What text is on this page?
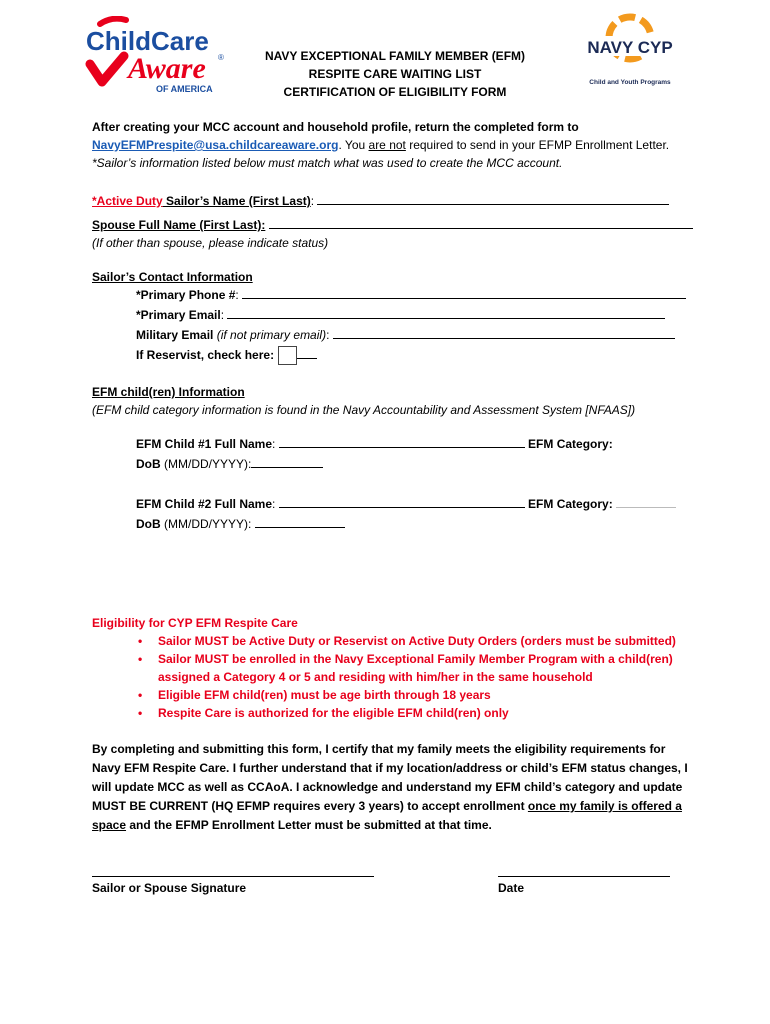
ChildCare
Aware ®
OF AMERICA
NAVY EXCEPTIONAL FAMILY MEMBER (EFM)
RESPITE CARE WAITING LIST
CERTIFICATION OF ELIGIBILITY FORM
NAVY CYP
Child and Youth Programs
After creating your MCC account and household profile, return the completed form to
NavyEFMPrespite@usa.childcareaware.org. You are not required to send in your EFMP Enrollment Letter.
*Sailor’s information listed below must match what was used to create the MCC account.
*Active Duty Sailor’s Name (First Last):
Spouse Full Name (First Last):
(If other than spouse, please indicate status)
Sailor’s Contact Information
*Primary Phone #:
*Primary Email:
Military Email (if not primary email):
If Reservist, check here:
EFM child(ren) Information
(EFM child category information is found in the Navy Accountability and Assessment System [NFAAS])
EFM Child #1 Full Name:	EFM Category:
DoB (MM/DD/YYYY):
EFM Child #2 Full Name:	EFM Category:
DoB (MM/DD/YYYY):
Eligibility for CYP EFM Respite Care
• Sailor MUST be Active Duty or Reservist on Active Duty Orders (orders must be submitted)
• Sailor MUST be enrolled in the Navy Exceptional Family Member Program with a child(ren)
assigned a Category 4 or 5 and residing with him/her in the same household
• Eligible EFM child(ren) must be age birth through 18 years
• Respite Care is authorized for the eligible EFM child(ren) only
By completing and submitting this form, I certify that my family meets the eligibility requirements for
Navy EFM Respite Care. I further understand that if my location/address or child’s EFM status changes, I
will update MCC as well as CCAoA. I acknowledge and understand my EFM child’s category and update
MUST BE CURRENT (HQ EFMP requires every 3 years) to accept enrollment once my family is offered a
space and the EFMP Enrollment Letter must be submitted at that time.
Sailor or Spouse Signature	Date
